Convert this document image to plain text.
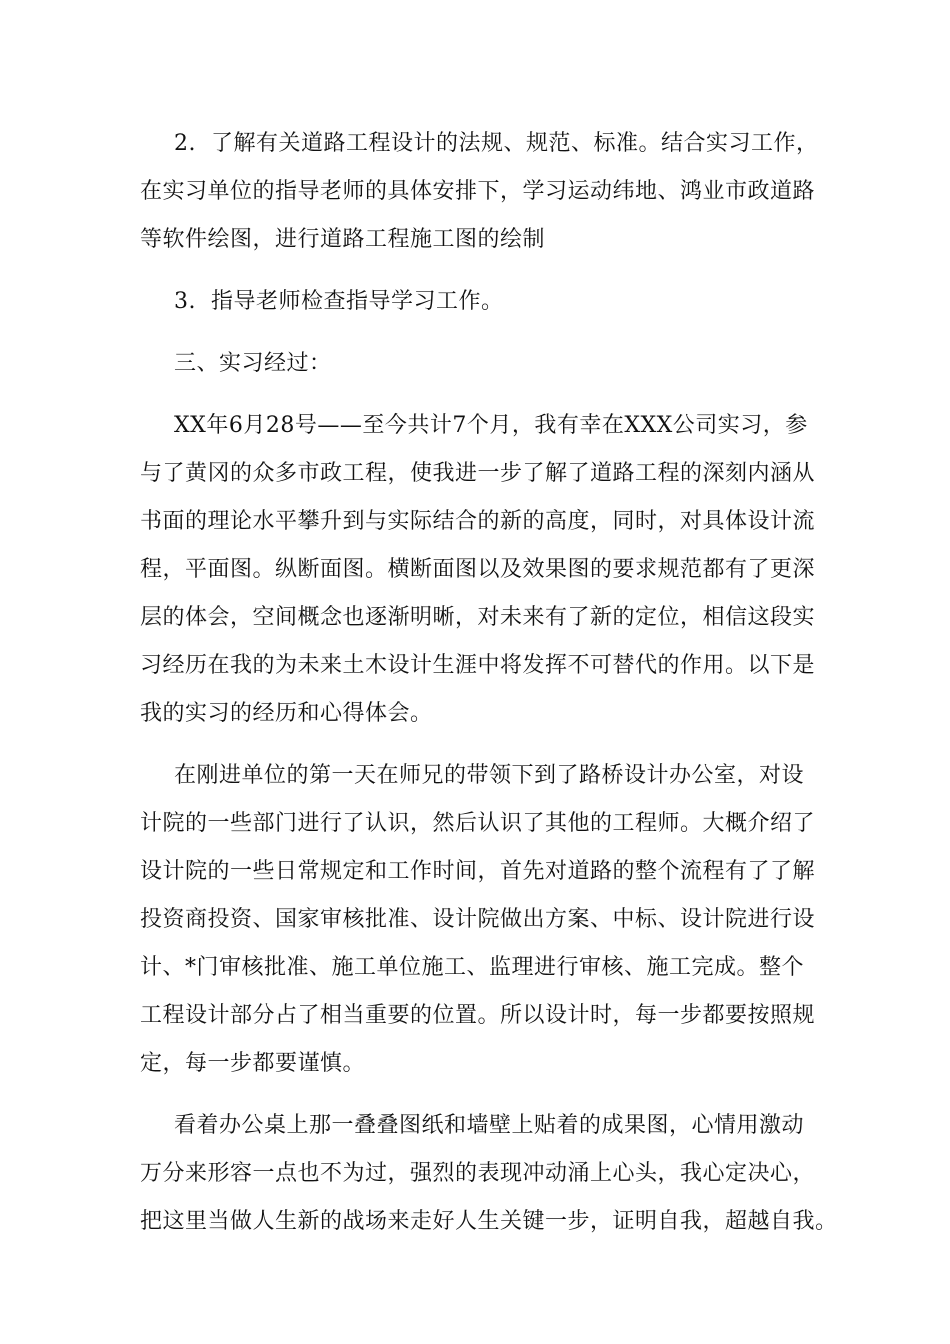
2.  了解有关道路工程设计的法规、规范、标准。结合实习工作，
在实习单位的指导老师的具体安排下，学习运动纬地、鸿业市政道路
等软件绘图，进行道路工程施工图的绘制
3.  指导老师检查指导学习工作。
三、实习经过：
XX年6月28号——至今共计7个月，我有幸在XXX公司实习，参
与了黄冈的众多市政工程，使我进一步了解了道路工程的深刻内涵从
书面的理论水平攀升到与实际结合的新的高度，同时，对具体设计流
程，平面图。纵断面图。横断面图以及效果图的要求规范都有了更深
层的体会，空间概念也逐渐明晰，对未来有了新的定位，相信这段实
习经历在我的为未来土木设计生涯中将发挥不可替代的作用。以下是
我的实习的经历和心得体会。
在刚进单位的第一天在师兄的带领下到了路桥设计办公室，对设
计院的一些部门进行了认识，然后认识了其他的工程师。大概介绍了
设计院的一些日常规定和工作时间，首先对道路的整个流程有了了解
投资商投资、国家审核批准、设计院做出方案、中标、设计院进行设
计、*门审核批准、施工单位施工、监理进行审核、施工完成。整个
工程设计部分占了相当重要的位置。所以设计时，每一步都要按照规
定，每一步都要谨慎。
看着办公桌上那一叠叠图纸和墙壁上贴着的成果图，心情用激动
万分来形容一点也不为过，强烈的表现冲动涌上心头，我心定决心，
把这里当做人生新的战场来走好人生关键一步，证明自我，超越自我。
